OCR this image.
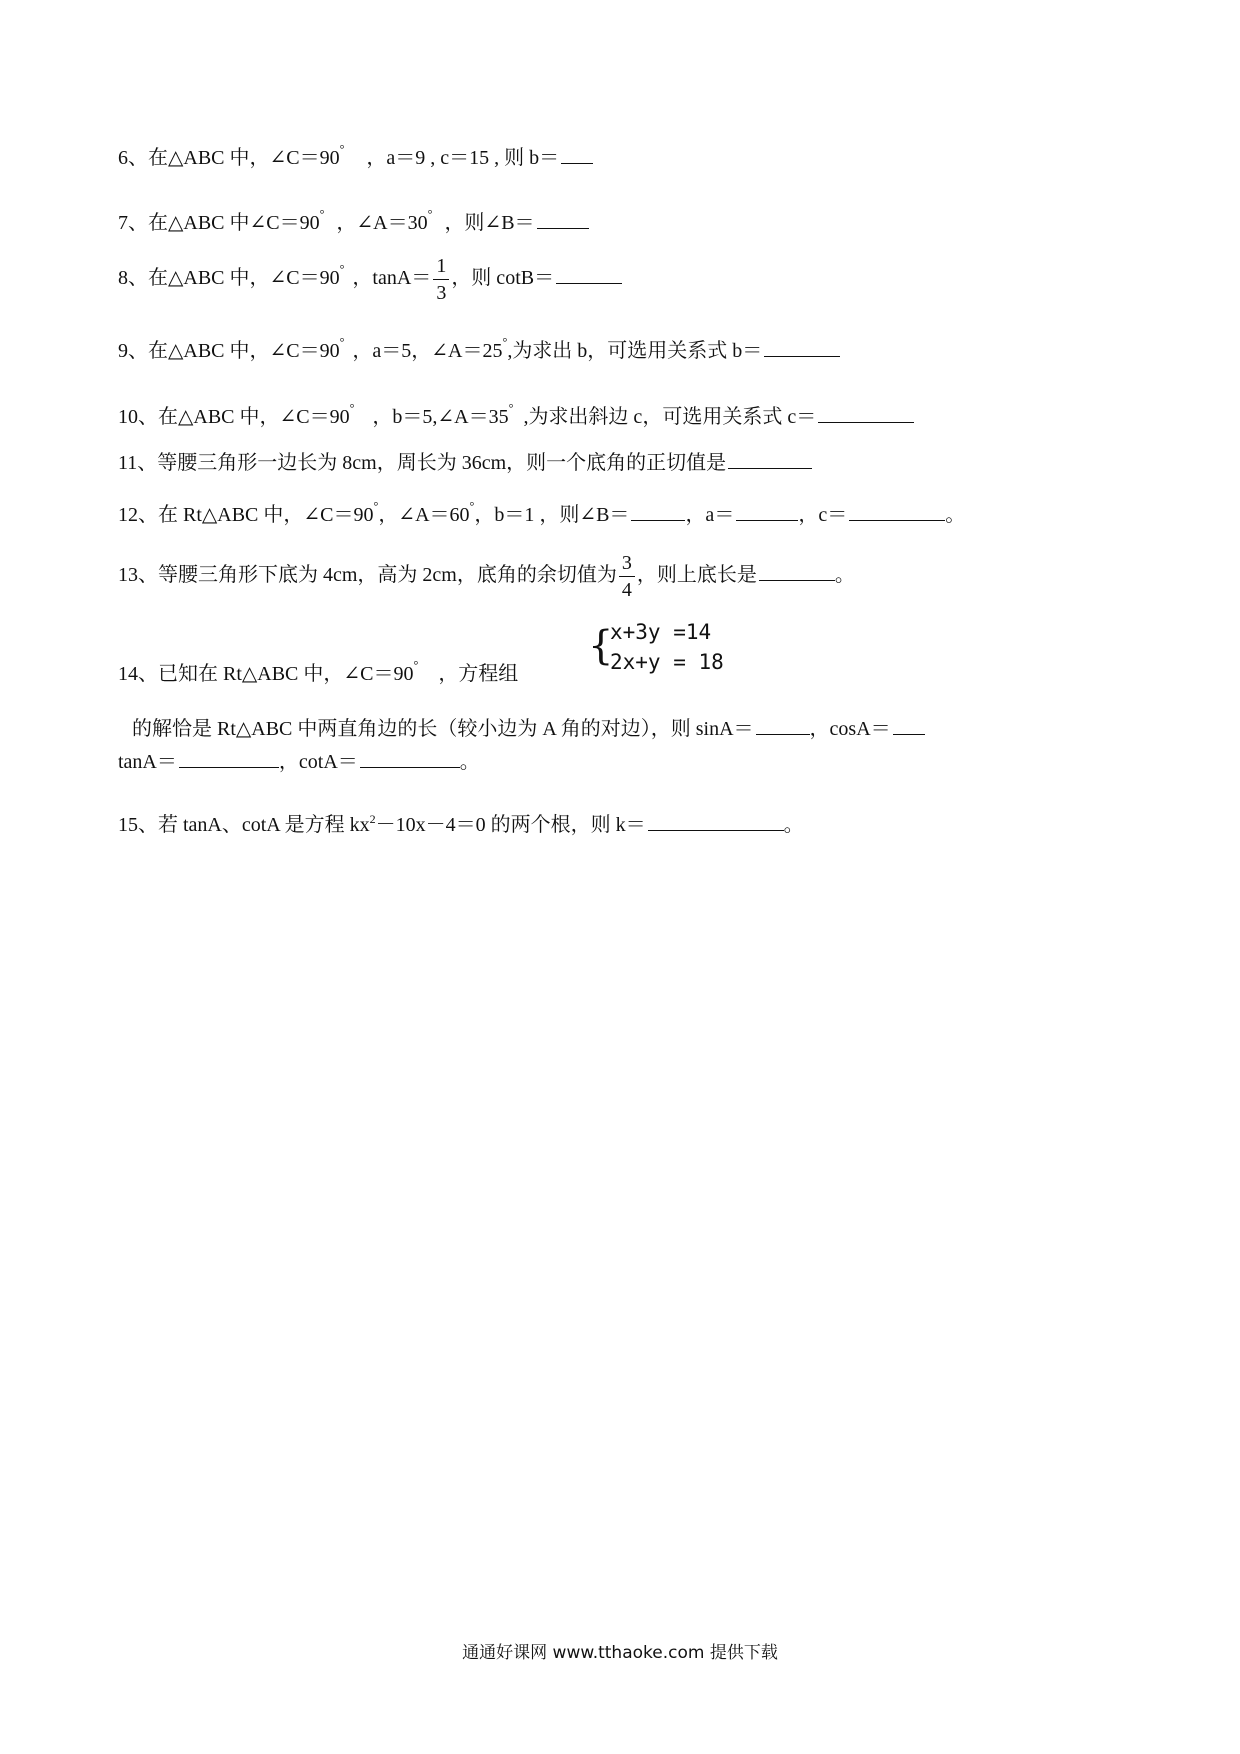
6、在△ABC 中，∠C＝90° ，a＝9 , c＝15 , 则 b＝
7、在△ABC 中∠C＝90° ，∠A＝30° ，则∠B＝
8、在△ABC 中，∠C＝90° ，$\tan A= \frac{1}{3}$ ，则 cotB＝
9、在△ABC 中，∠C＝90° ，a＝5，∠A＝25°,为求出 b，可选用关系式 b＝
10、在△ABC 中，∠C＝90° ，b＝5,∠A＝35° ,为求出斜边 c，可选用关系式 c＝
11、等腰三角形一边长为 8cm，周长为 36cm，则一个底角的正切值是
12、在 Rt△ABC 中，∠C＝90°，∠A＝60°，b＝1 ，则∠B＝	，a＝	，c＝	。
13、等腰三角形下底为 4cm，高为 2cm，底角的余切值为 $\frac{3}{4}$ ，则上底长是	。
14、已知在 Rt△ABC 中，∠C＝90° ，方程组
{
x+3y =14
2x+y = 18
的解恰是 Rt△ABC 中两直角边的长（较小边为 A 角的对边），则 sinA＝	，cosA＝
tanA＝	，cotA＝	。
15、若 tanA、cotA 是方程 $kx^2-10x-4=0$ 的两个根，则 k＝	。
通通好课网 www.tthaoke.com 提供下载
